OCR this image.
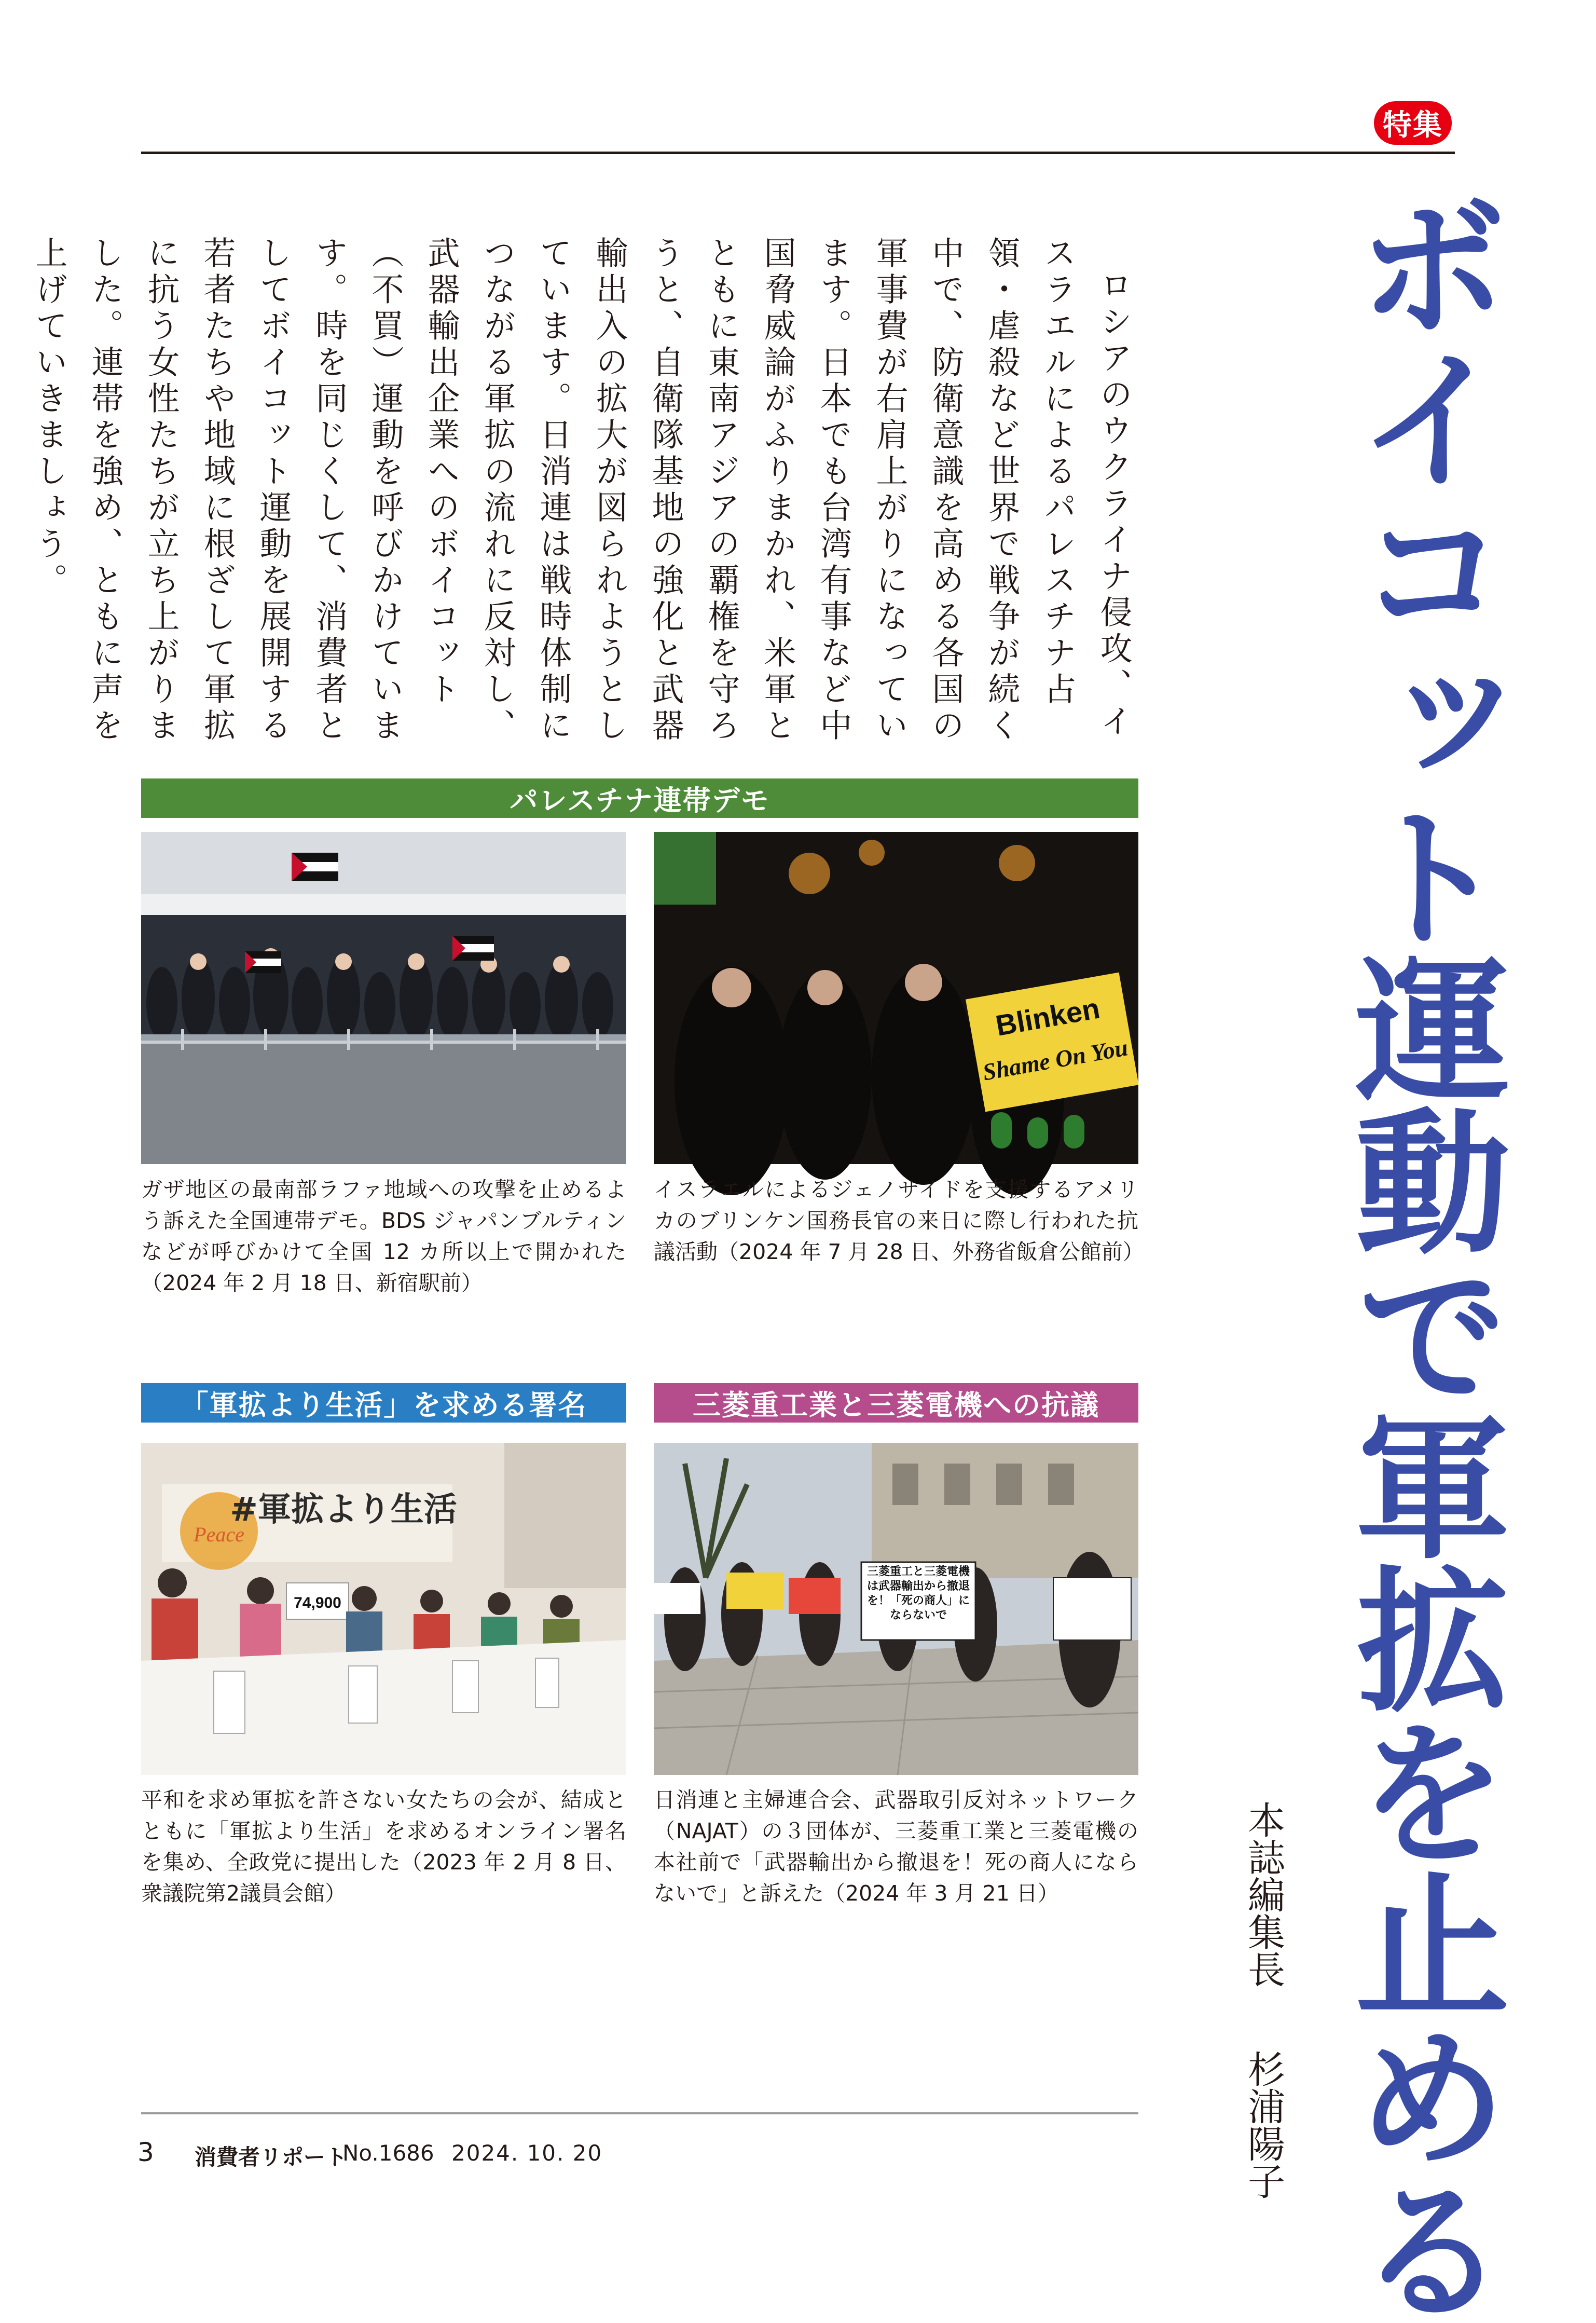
特集
ボイコット運動で軍拡を止める
本誌編集長杉浦陽子

ロシアのウクライナ侵攻、イスラエルによるパレスチナ占領・虐殺など世界で戦争が続く中で、防衛意識を高める各国の軍事費が右肩上がりになっています。日本でも台湾有事など中国脅威論がふりまかれ、米軍とともに東南アジアの覇権を守ろうと、自衛隊基地の強化と武器輸出入の拡大が図られようとしています。日消連は戦時体制につながる軍拡の流れに反対し、武器輸出企業へのボイコット（不買）運動を呼びかけています。時を同じくして、消費者としてボイコット運動を展開する若者たちや地域に根ざして軍拡に抗う女性たちが立ち上がりました。連帯を強め、ともに声を上げていきましょう。

パレスチナ連帯デモ
Blinken
Shame On You
ガザ地区の最南部ラファ地域への攻撃を止めるよう訴えた全国連帯デモ。BDS ジャパンブルティンなどが呼びかけて全国 12 カ所以上で開かれた（2024 年 2 月 18 日、新宿駅前）
イスラエルによるジェノサイドを支援するアメリカのブリンケン国務長官の来日に際し行われた抗議活動（2024 年 7 月 28 日、外務省飯倉公館前）
「軍拡より生活」を求める署名
Peace
#軍拡より生活
74,900
平和を求め軍拡を許さない女たちの会が、結成とともに「軍拡より生活」を求めるオンライン署名を集め、全政党に提出した（2023 年 2 月 8 日、衆議院第2議員会館）
三菱重工業と三菱電機への抗議
三菱重工と三菱電機は武器輸出から撤退を！「死の商人」にならないで
日消連と主婦連合会、武器取引反対ネットワーク（NAJAT）の３団体が、三菱重工業と三菱電機の本社前で「武器輸出から撤退を！死の商人にならないで」と訴えた（2024 年 3 月 21 日）
3 消費者リポート
No.1686 2024. 10. 20
